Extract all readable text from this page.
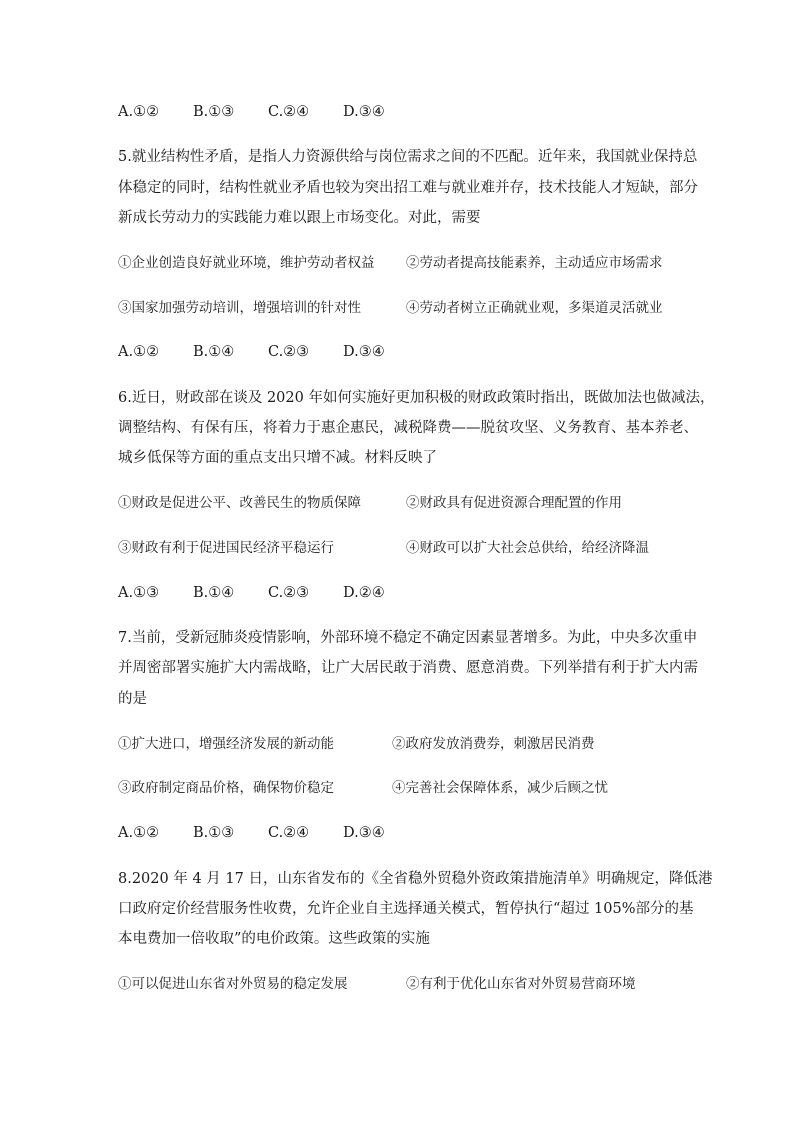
A.①② B.①③ C.②④ D.③④
5.就业结构性矛盾，是指人力资源供给与岗位需求之间的不匹配。近年来，我国就业保持总
体稳定的同时，结构性就业矛盾也较为突出招工难与就业难并存，技术技能人才短缺，部分
新成长劳动力的实践能力难以跟上市场变化。对此，需要
①企业创造良好就业环境，维护劳动者权益 ②劳动者提高技能素养，主动适应市场需求
③国家加强劳动培训，增强培训的针对性	④劳动者树立正确就业观，多渠道灵活就业
A.①② B.①④ C.②③ D.③④
6.近日，财政部在谈及 2020 年如何实施好更加积极的财政政策时指出，既做加法也做减法，
调整结构、有保有压，将着力于惠企惠民，减税降费——脱贫攻坚、义务教育、基本养老、
城乡低保等方面的重点支出只增不减。材料反映了
①财政是促进公平、改善民生的物质保障	②财政具有促进资源合理配置的作用
③财政有利于促进国民经济平稳运行	④财政可以扩大社会总供给，给经济降温
A.①③ B.①④ C.②③ D.②④
7.当前，受新冠肺炎疫情影响，外部环境不稳定不确定因素显著增多。为此，中央多次重申
并周密部署实施扩大内需战略，让广大居民敢于消费、愿意消费。下列举措有利于扩大内需
的是
①扩大进口，增强经济发展的新动能	②政府发放消费券，刺激居民消费
③政府制定商品价格，确保物价稳定	④完善社会保障体系，减少后顾之忧
A.①② B.①③ C.②④ D.③④
8.2020 年 4 月 17 日，山东省发布的《全省稳外贸稳外资政策措施清单》明确规定，降低港
口政府定价经营服务性收费，允许企业自主选择通关模式，暂停执行“超过 105%部分的基
本电费加一倍收取”的电价政策。这些政策的实施
①可以促进山东省对外贸易的稳定发展	②有利于优化山东省对外贸易营商环境
